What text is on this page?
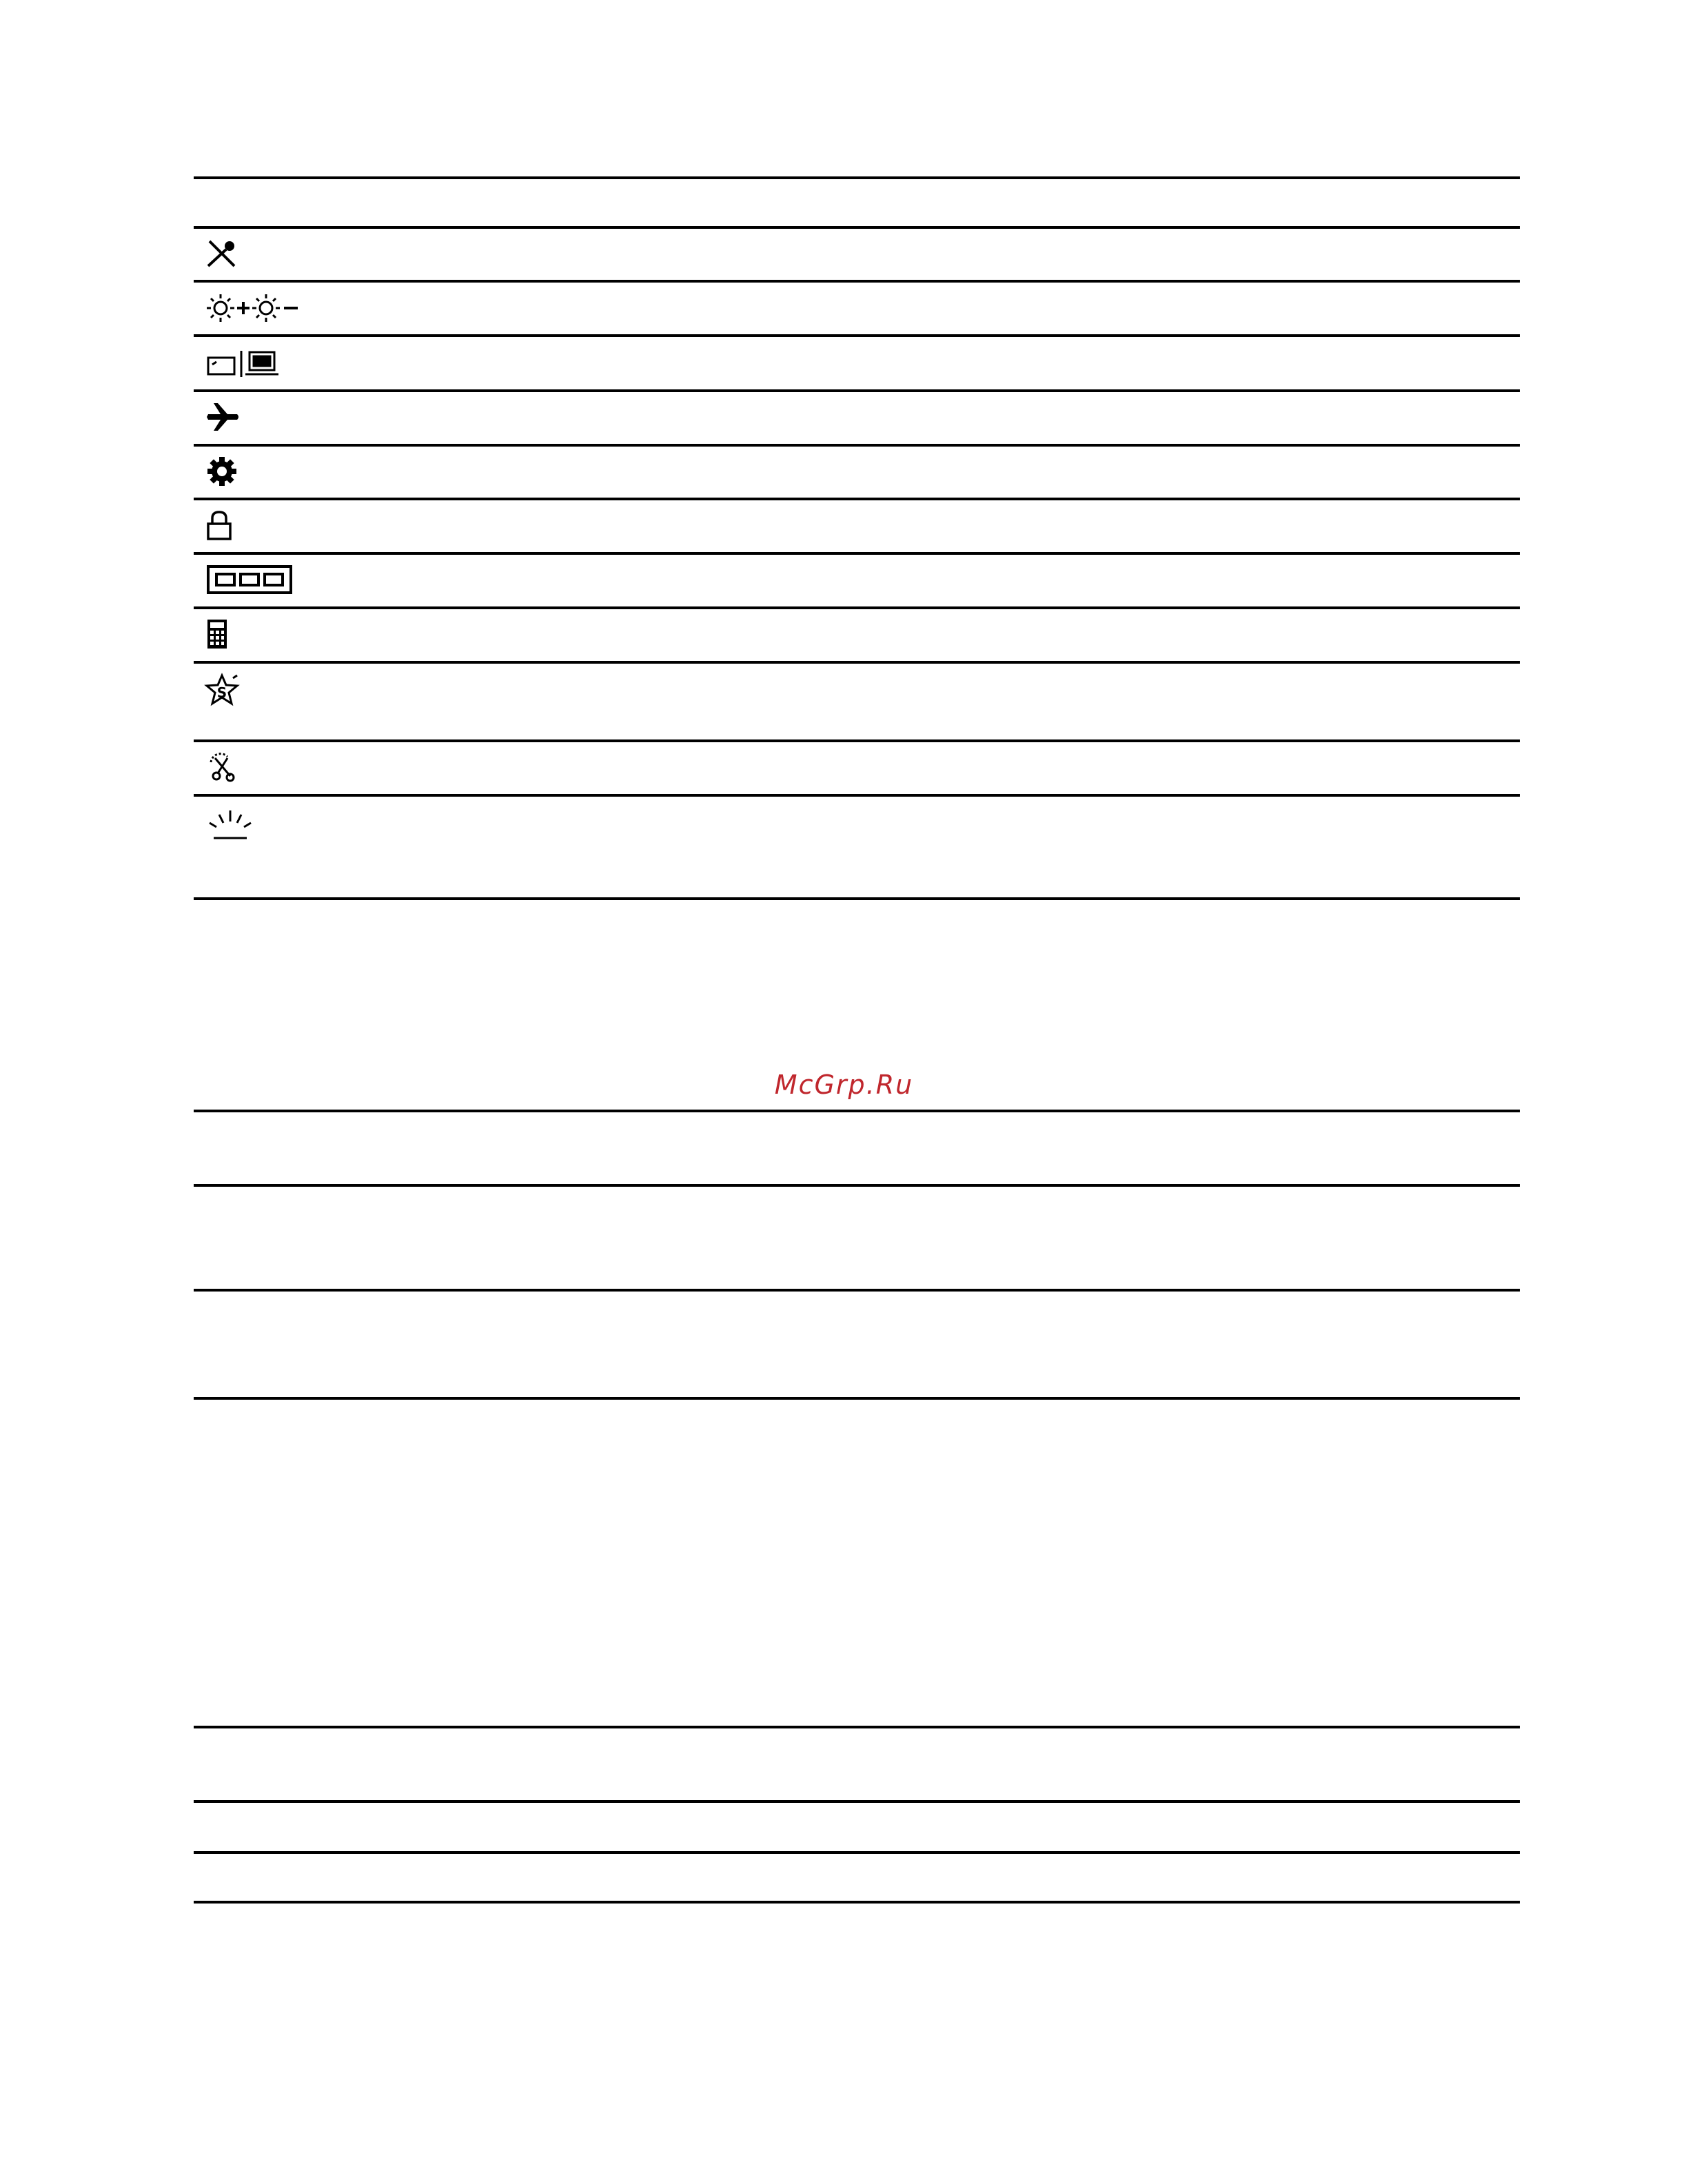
S
McGrp.Ru
